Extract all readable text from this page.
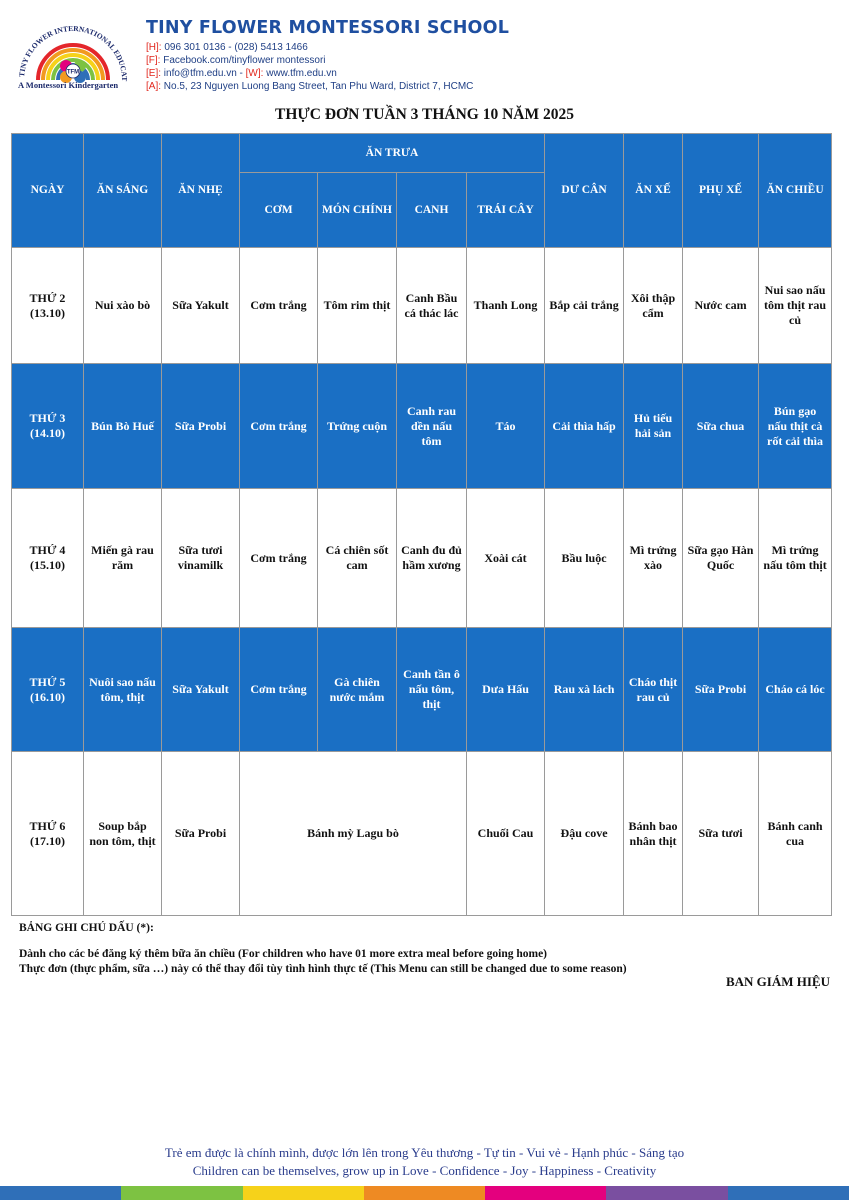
TINY FLOWER INTERNATIONAL EDUCAT
TFM
A Montessori Kindergarten
TINY FLOWER MONTESSORI SCHOOL
[H]: 096 301 0136 - (028) 5413 1466
[F]: Facebook.com/tinyflower montessori
[E]: info@tfm.edu.vn - [W]: www.tfm.edu.vn
[A]: No.5, 23 Nguyen Luong Bang Street, Tan Phu Ward, District 7, HCMC
THỰC ĐƠN TUẦN 3 THÁNG 10 NĂM 2025
NGÀY	ĂN SÁNG	ĂN NHẸ	ĂN TRƯA				DƯ CÂN	ĂN XẾ	PHỤ XẾ	ĂN CHIỀU
			CƠM	MÓN CHÍNH	CANH	TRÁI CÂY				
THỨ 2
(13.10)	Nui xào bò	Sữa Yakult	Cơm trắng	Tôm rim thịt	Canh Bầu cá thác lác	Thanh Long	Bắp cải trắng	Xôi thập cẩm	Nước cam	Nui sao nấu tôm thịt rau củ
THỨ 3
(14.10)	Bún Bò Huế	Sữa Probi	Cơm trắng	Trứng cuộn	Canh rau dền nấu tôm	Táo	Cải thìa hấp	Hủ tiếu hải sản	Sữa chua	Bún gạo nấu thịt cà rốt cải thìa
THỨ 4
(15.10)	Miến gà rau răm	Sữa tươi vinamilk	Cơm trắng	Cá chiên sốt cam	Canh đu đủ hầm xương	Xoài cát	Bầu luộc	Mì trứng xào	Sữa gạo Hàn Quốc	Mì trứng nấu tôm thịt
THỨ 5
(16.10)	Nuôi sao nấu tôm, thịt	Sữa Yakult	Cơm trắng	Gà chiên nước mắm	Canh tần ô nấu tôm, thịt	Dưa Hấu	Rau xà lách	Cháo thịt rau củ	Sữa Probi	Cháo cá lóc
THỨ 6
(17.10)	Soup bắp non tôm, thịt	Sữa Probi	Bánh mỳ Lagu bò			Chuối Cau	Đậu cove	Bánh bao nhân thịt	Sữa tươi	Bánh canh cua
BẢNG GHI CHÚ DẤU (*):
Dành cho các bé đăng ký thêm bữa ăn chiều (For children who have 01 more extra meal before going home)
Thực đơn (thực phẩm, sữa …) này có thể thay đổi tùy tình hình thực tế (This Menu can still be changed due to some reason)
BAN GIÁM HIỆU
Trẻ em được là chính mình, được lớn lên trong Yêu thương - Tự tin - Vui vẻ - Hạnh phúc - Sáng tạo
Children can be themselves, grow up in Love - Confidence - Joy - Happiness - Creativity
